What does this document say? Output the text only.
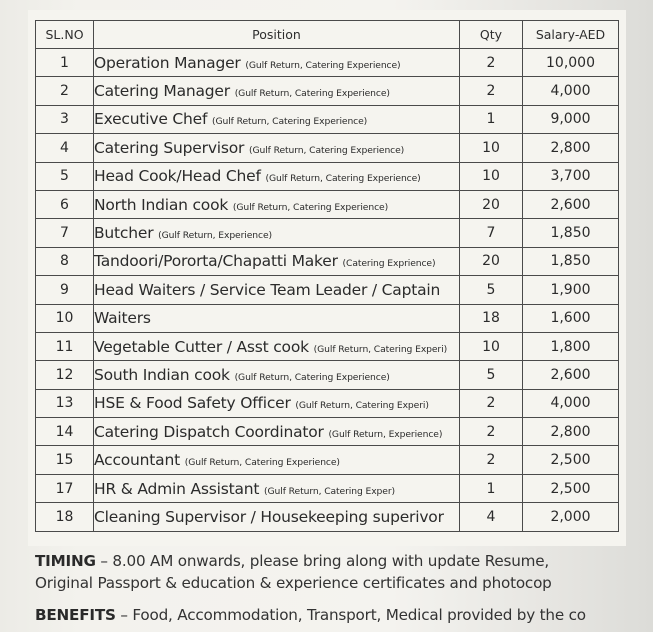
SL.NO	Position	Qty	Salary-AED
1	Operation Manager (Gulf Return, Catering Experience)	2	10,000
2	Catering Manager (Gulf Return, Catering Experience)	2	4,000
3	Executive Chef (Gulf Return, Catering Experience)	1	9,000
4	Catering Supervisor (Gulf Return, Catering Experience)	10	2,800
5	Head Cook/Head Chef (Gulf Return, Catering Experience)	10	3,700
6	North Indian cook (Gulf Return, Catering Experience)	20	2,600
7	Butcher (Gulf Return, Experience)	7	1,850
8	Tandoori/Pororta/Chapatti Maker (Catering Exprience)	20	1,850
9	Head Waiters / Service Team Leader / Captain	5	1,900
10	Waiters	18	1,600
11	Vegetable Cutter / Asst cook (Gulf Return, Catering Experi)	10	1,800
12	South Indian cook (Gulf Return, Catering Experience)	5	2,600
13	HSE & Food Safety Officer (Gulf Return, Catering Experi)	2	4,000
14	Catering Dispatch Coordinator (Gulf Return, Experience)	2	2,800
15	Accountant (Gulf Return, Catering Experience)	2	2,500
17	HR & Admin Assistant (Gulf Return, Catering Exper)	1	2,500
18	Cleaning Supervisor / Housekeeping superivor	4	2,000
TIMING – 8.00 AM onwards, please bring along with update Resume,
Original Passport & education & experience certificates and photocop
BENEFITS – Food, Accommodation, Transport, Medical provided by the co
